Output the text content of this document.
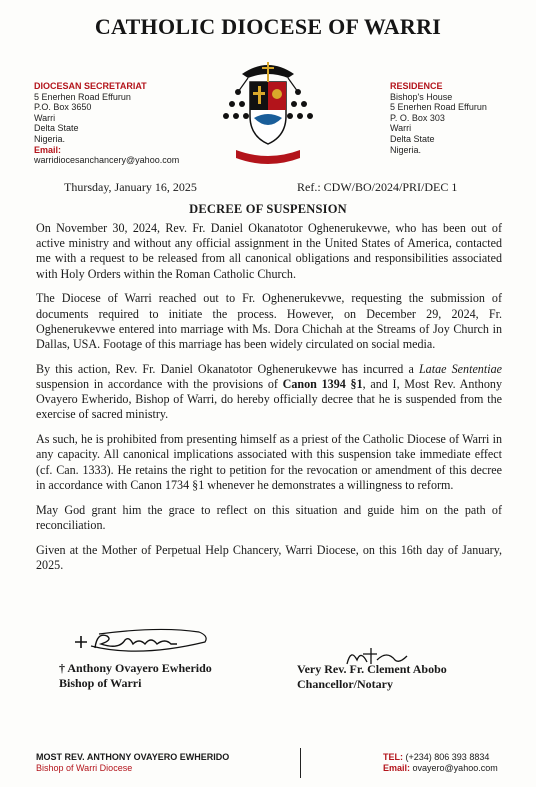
CATHOLIC DIOCESE OF WARRI
DIOCESAN SECRETARIAT
5 Enerhen Road Effurun
P.O. Box 3650
Warri
Delta State
Nigeria.
Email:
warridiocesanchancery@yahoo.com
RESIDENCE
Bishop's House
5 Enerhen Road Effurun
P. O. Box 303
Warri
Delta State
Nigeria.
Thursday, January 16, 2025	Ref.: CDW/BO/2024/PRI/DEC 1
DECREE OF SUSPENSION

On November 30, 2024, Rev. Fr. Daniel Okanatotor Oghenerukevwe, who has been out of active ministry and without any official assignment in the United States of America, contacted me with a request to be released from all canonical obligations and responsibilities associated with Holy Orders within the Roman Catholic Church.

The Diocese of Warri reached out to Fr. Oghenerukevwe, requesting the submission of documents required to initiate the process. However, on December 29, 2024, Fr. Oghenerukevwe entered into marriage with Ms. Dora Chichah at the Streams of Joy Church in Dallas, USA. Footage of this marriage has been widely circulated on social media.

By this action, Rev. Fr. Daniel Okanatotor Oghenerukevwe has incurred a Latae Sententiae suspension in accordance with the provisions of Canon 1394 §1, and I, Most Rev. Anthony Ovayero Ewherido, Bishop of Warri, do hereby officially decree that he is suspended from the exercise of sacred ministry.

As such, he is prohibited from presenting himself as a priest of the Catholic Diocese of Warri in any capacity. All canonical implications associated with this suspension take immediate effect (cf. Can. 1333). He retains the right to petition for the revocation or amendment of this decree in accordance with Canon 1734 §1 whenever he demonstrates a willingness to reform.

May God grant him the grace to reflect on this situation and guide him on the path of reconciliation.

Given at the Mother of Perpetual Help Chancery, Warri Diocese, on this 16th day of January, 2025.

† Anthony Ovayero Ewherido
Bishop of Warri
Very Rev. Fr. Clement Abobo
Chancellor/Notary
MOST REV. ANTHONY OVAYERO EWHERIDO
Bishop of Warri Diocese
TEL: (+234) 806 393 8834
Email: ovayero@yahoo.com
